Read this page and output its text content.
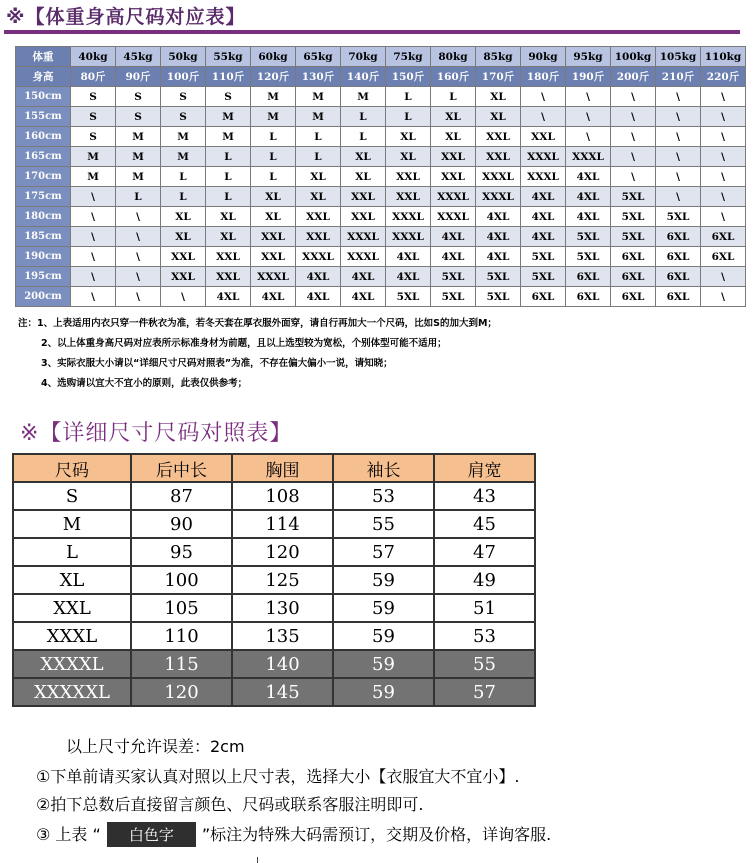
※【体重身高尺码对应表】
体重	40kg	45kg	50kg	55kg	60kg	65kg	70kg	75kg	80kg	85kg	90kg	95kg	100kg	105kg	110kg
身高	80斤	90斤	100斤	110斤	120斤	130斤	140斤	150斤	160斤	170斤	180斤	190斤	200斤	210斤	220斤
150cm	S	S	S	S	M	M	M	L	L	XL	\	\	\	\	\
155cm	S	S	S	M	M	M	L	L	XL	XL	\	\	\	\	\
160cm	S	M	M	M	L	L	L	XL	XL	XXL	XXL	\	\	\	\
165cm	M	M	M	L	L	L	XL	XL	XXL	XXL	XXXL	XXXL	\	\	\
170cm	M	M	L	L	L	XL	XL	XXL	XXL	XXXL	XXXL	4XL	\	\	\
175cm	\	L	L	L	XL	XL	XXL	XXL	XXXL	XXXL	4XL	4XL	5XL	\	\
180cm	\	\	XL	XL	XL	XXL	XXL	XXXL	XXXL	4XL	4XL	4XL	5XL	5XL	\
185cm	\	\	XL	XL	XXL	XXL	XXXL	XXXL	4XL	4XL	4XL	5XL	5XL	6XL	6XL
190cm	\	\	XXL	XXL	XXL	XXXL	XXXL	4XL	4XL	4XL	5XL	5XL	6XL	6XL	6XL
195cm	\	\	XXL	XXL	XXXL	4XL	4XL	4XL	5XL	5XL	5XL	6XL	6XL	6XL	\
200cm	\	\	\	4XL	4XL	4XL	4XL	5XL	5XL	5XL	6XL	6XL	6XL	6XL	\
注：1、上表适用内衣只穿一件秋衣为准，若冬天套在厚衣服外面穿，请自行再加大一个尺码，比如S的加大到M；
2、以上体重身高尺码对应表所示标准身材为前题，且以上选型较为宽松，个别体型可能不适用；
3、实际衣服大小请以“详细尺寸尺码对照表”为准，不存在偏大偏小一说，请知晓；
4、选购请以宜大不宜小的原则，此表仅供参考；
※【详细尺寸尺码对照表】
尺码	后中长	胸围	袖长	肩宽
S	87	108	53	43
M	90	114	55	45
L	95	120	57	47
XL	100	125	59	49
XXL	105	130	59	51
XXXL	110	135	59	53
XXXXL	115	140	59	55
XXXXXL	120	145	59	57
以上尺寸允许误差：2cm
①下单前请买家认真对照以上尺寸表，选择大小【衣服宜大不宜小】.
②拍下总数后直接留言颜色、尺码或联系客服注明即可.
③ 上表 “ 白色字 ”标注为特殊大码需预订，交期及价格，详询客服.
